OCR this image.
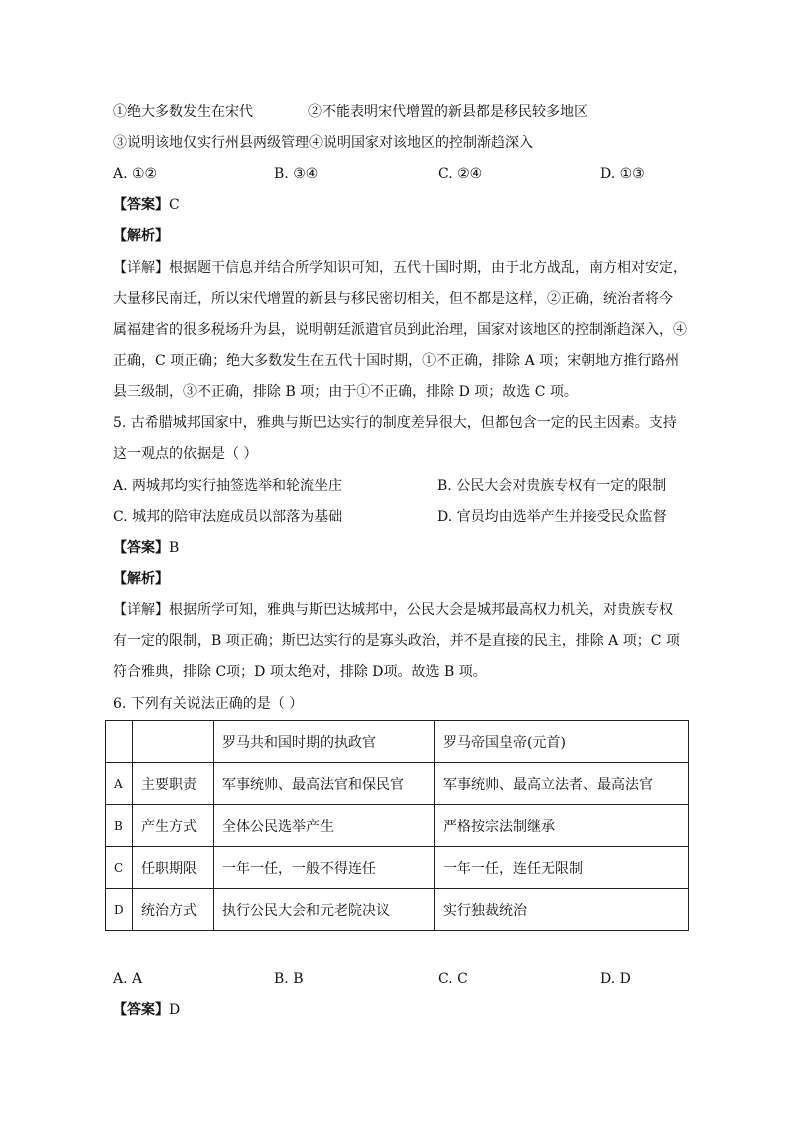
①绝大多数发生在宋代	②不能表明宋代增置的新县都是移民较多地区
③说明该地仅实行州县两级管理④说明国家对该地区的控制渐趋深入
A. ①②	B. ③④	C. ②④	D. ①③
【答案】C
【解析】
【详解】根据题干信息并结合所学知识可知，五代十国时期，由于北方战乱，南方相对安定，
大量移民南迁，所以宋代增置的新县与移民密切相关，但不都是这样，②正确，统治者将今
属福建省的很多税场升为县，说明朝廷派遣官员到此治理，国家对该地区的控制渐趋深入，④
正确，C 项正确；绝大多数发生在五代十国时期，①不正确，排除 A 项；宋朝地方推行路州
县三级制，③不正确，排除 B 项；由于①不正确，排除 D 项；故选 C 项。
5. 古希腊城邦国家中，雅典与斯巴达实行的制度差异很大，但都包含一定的民主因素。支持
这一观点的依据是（ ）
A. 两城邦均实行抽签选举和轮流坐庄	B. 公民大会对贵族专权有一定的限制
C. 城邦的陪审法庭成员以部落为基础	D. 官员均由选举产生并接受民众监督
【答案】B
【解析】
【详解】根据所学可知，雅典与斯巴达城邦中，公民大会是城邦最高权力机关，对贵族专权
有一定的限制，B 项正确；斯巴达实行的是寡头政治，并不是直接的民主，排除 A 项；C 项
符合雅典，排除 C项；D 项太绝对，排除 D项。故选 B 项。
6. 下列有关说法正确的是（ ）
		罗马共和国时期的执政官	罗马帝国皇帝(元首)
A	主要职责	军事统帅、最高法官和保民官	军事统帅、最高立法者、最高法官
B	产生方式	全体公民选举产生	严格按宗法制继承
C	任职期限	一年一任，一般不得连任	一年一任，连任无限制
D	统治方式	执行公民大会和元老院决议	实行独裁统治
A. A	B. B	C. C	D. D
【答案】D
